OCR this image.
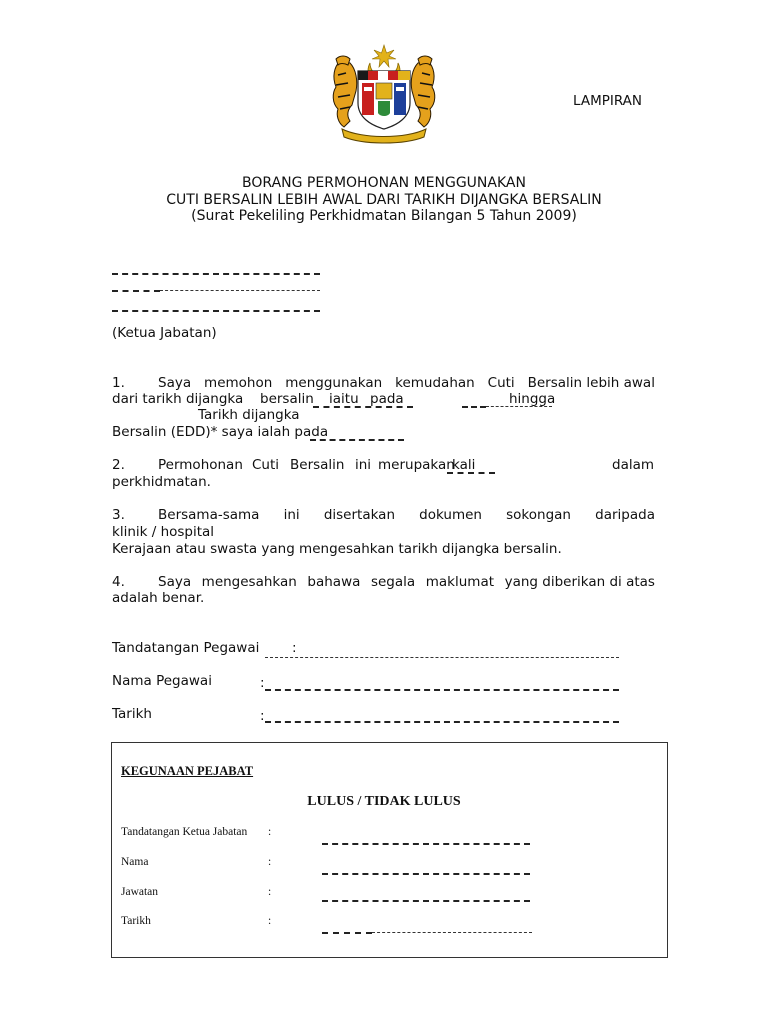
LAMPIRAN
BORANG PERMOHONAN MENGGUNAKAN
CUTI BERSALIN LEBIH AWAL DARI TARIKH DIJANGKA BERSALIN
(Surat Pekeliling Perkhidmatan Bilangan 5 Tahun 2009)
(Ketua Jabatan)
1. Saya memohon menggunakan kemudahan Cuti Bersalin lebih awal
dari tarikh dijangka bersalin iaitu pada	hingga
Tarikh dijangka
Bersalin (EDD)* saya ialah pada
2. Permohonan Cuti Bersalin ini merupakan
kali	dalam
perkhidmatan.
3. Bersama-sama ini disertakan dokumen sokongan daripada
klinik / hospital
Kerajaan atau swasta yang mengesahkan tarikh dijangka bersalin.
4. Saya mengesahkan bahawa segala maklumat yang diberikan di atas
adalah benar.
Tandatangan Pegawai :
Nama Pegawai	:
Tarikh	:
KEGUNAAN PEJABAT
LULUS / TIDAK LULUS
Tandatangan Ketua Jabatan :
Nama	:
Jawatan	:
Tarikh	:
